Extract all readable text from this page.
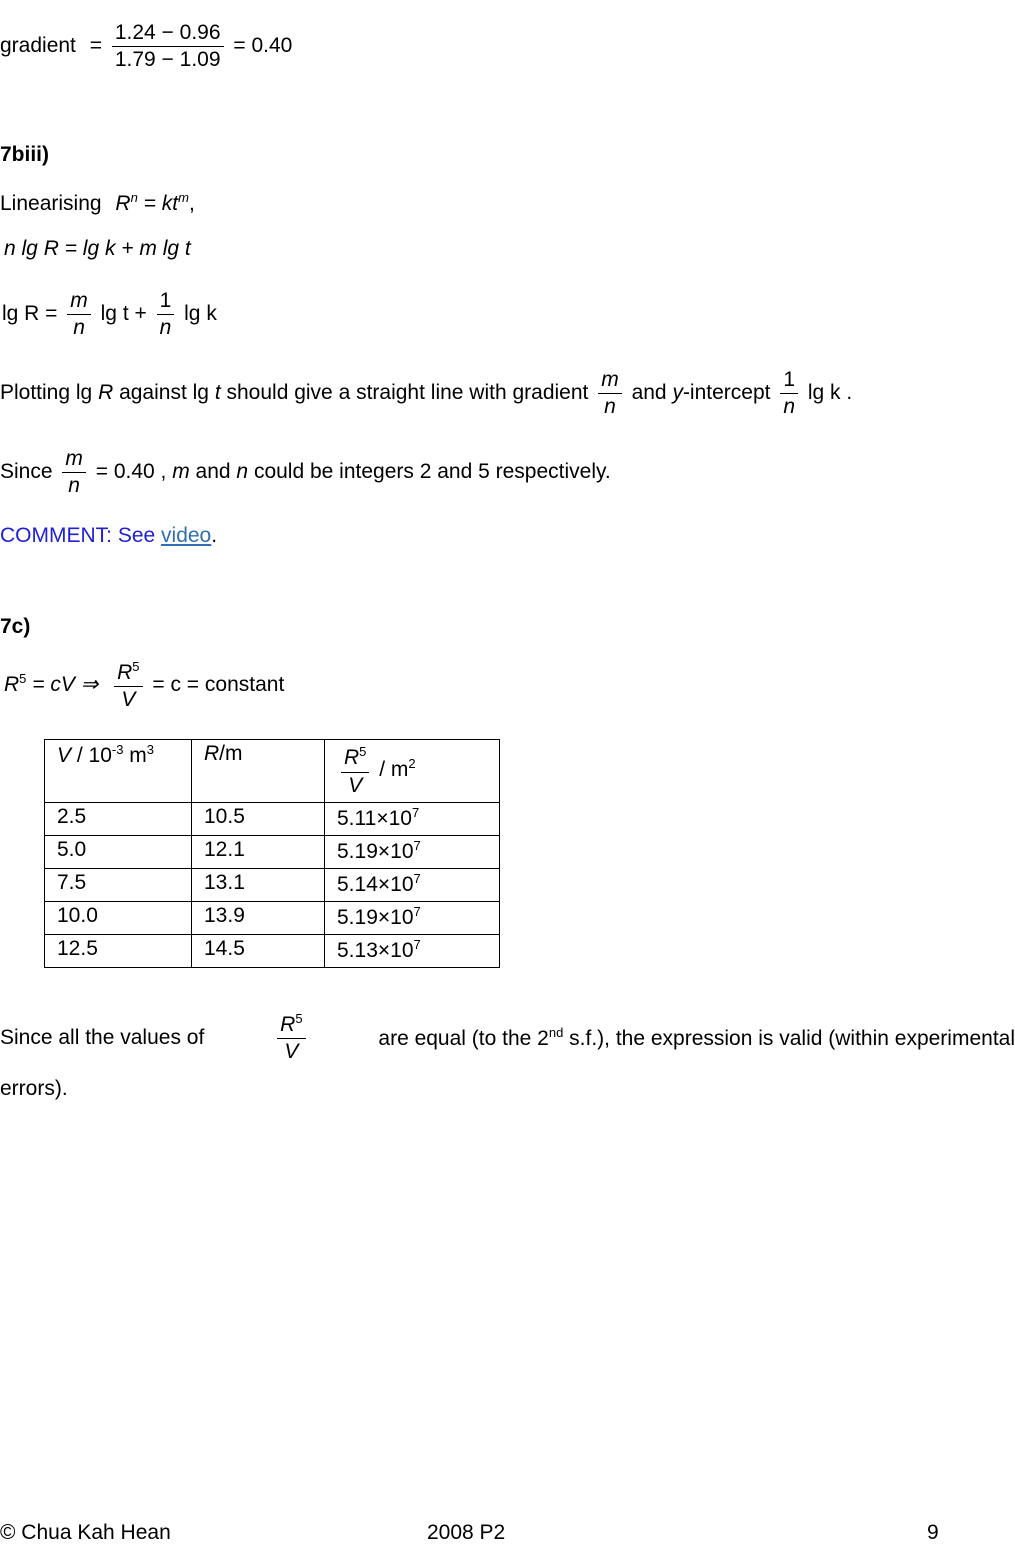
gradient = $\frac{1.24 - 0.96}{1.79 - 1.09} = 0.40$
7biii)
Linearising $R^n = kt^m$,
n lg R = lg k + m lg t
$\lg R = \frac{m}{n}$ $\lg t + \frac{1}{n}$ lg k
Plotting lg R against lg t should give a straight line with gradient $\frac{m}{n}$ and y-intercept $\frac{1}{n}$ lg k .
Since $\frac{m}{n} = 0.40$ , m and n could be integers 2 and 5 respectively.
COMMENT: See video.
7c)
$R^5$ = cV ⇒ $\frac{R^5}{V} = c$ = constant
V / $10^{-3}$ $m^3$	R/m	$\frac{R^5}{V} / m^2$
2.5	10.5	$5.11\times 10^7$
5.0	12.1	$5.19\times 10^7$
7.5	13.1	$5.14\times 10^7$
10.0	13.9	$5.19\times 10^7$
12.5	14.5	$5.13\times 10^7$
Since all the values of	$\frac{R^5}{V}$	are equal (to the 2nd s.f.), the expression is valid (within experimental
errors).
© Chua Kah Hean	2008 P2	9
